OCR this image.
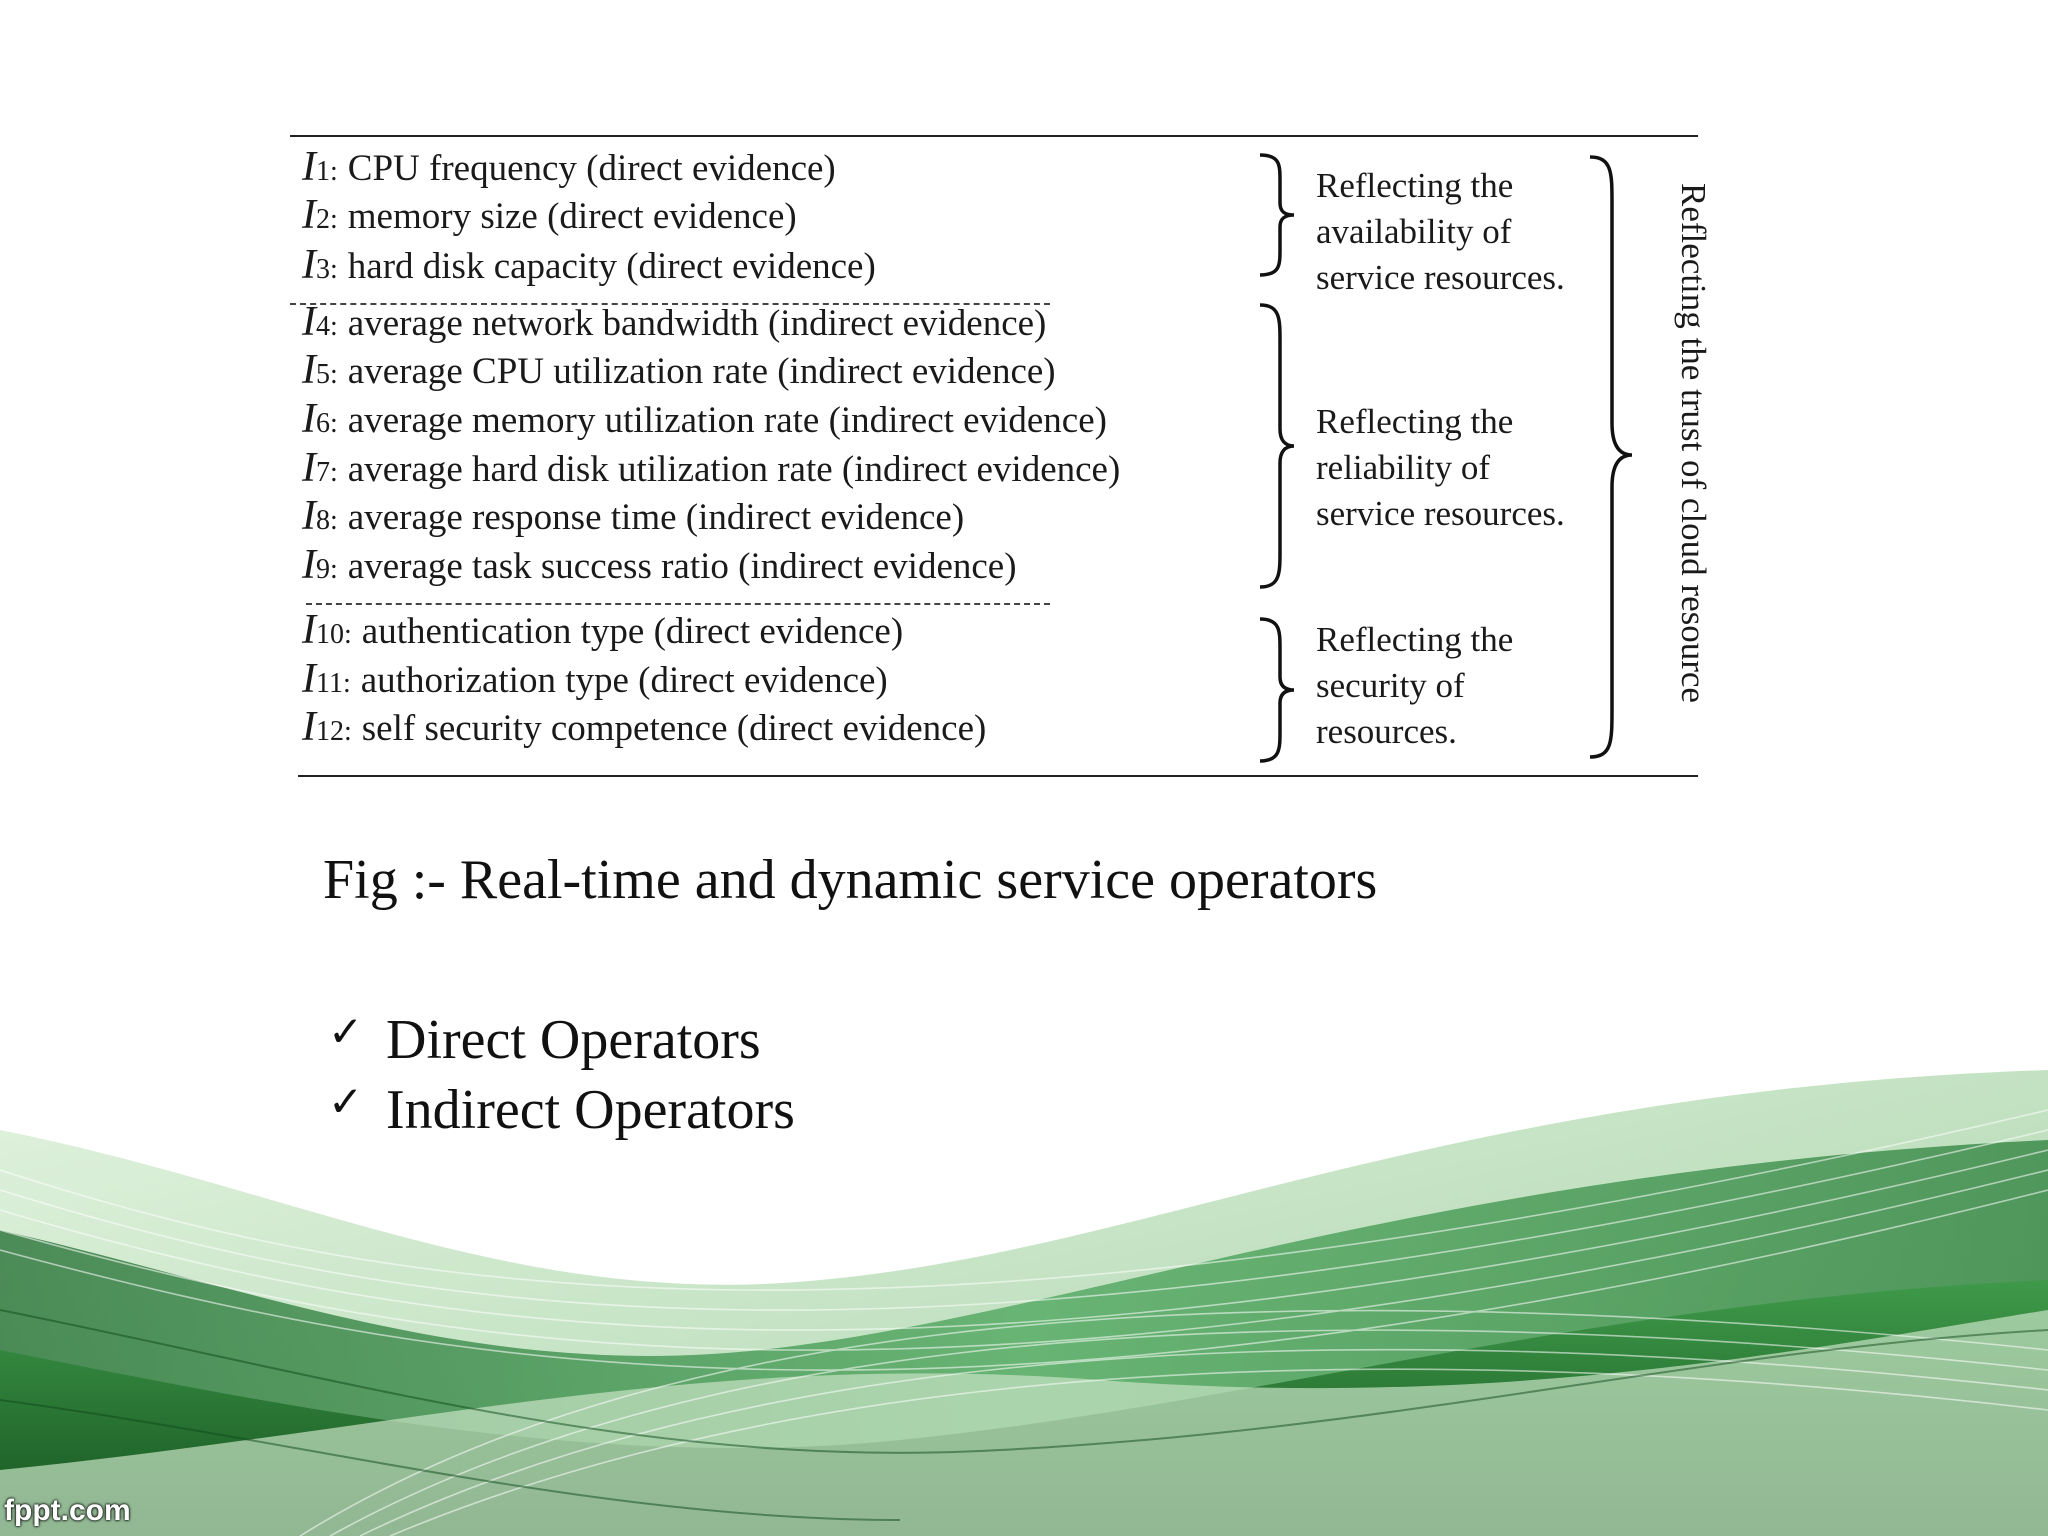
I1: CPU frequency (direct evidence)
I2: memory size (direct evidence)
I3: hard disk capacity (direct evidence)
I4: average network bandwidth (indirect evidence)
I5: average CPU utilization rate (indirect evidence)
I6: average memory utilization rate (indirect evidence)
I7: average hard disk utilization rate (indirect evidence)
I8: average response time (indirect evidence)
I9: average task success ratio (indirect evidence)
I10: authentication type (direct evidence)
I11: authorization type (direct evidence)
I12: self security competence (direct evidence)
Reflecting the
availability of
service resources.
Reflecting the
reliability of
service resources.
Reflecting the
security of
resources.
Reflecting the trust of cloud resource
Fig :- Real-time and dynamic service operators
✓ Direct Operators
✓ Indirect Operators
fppt.com
